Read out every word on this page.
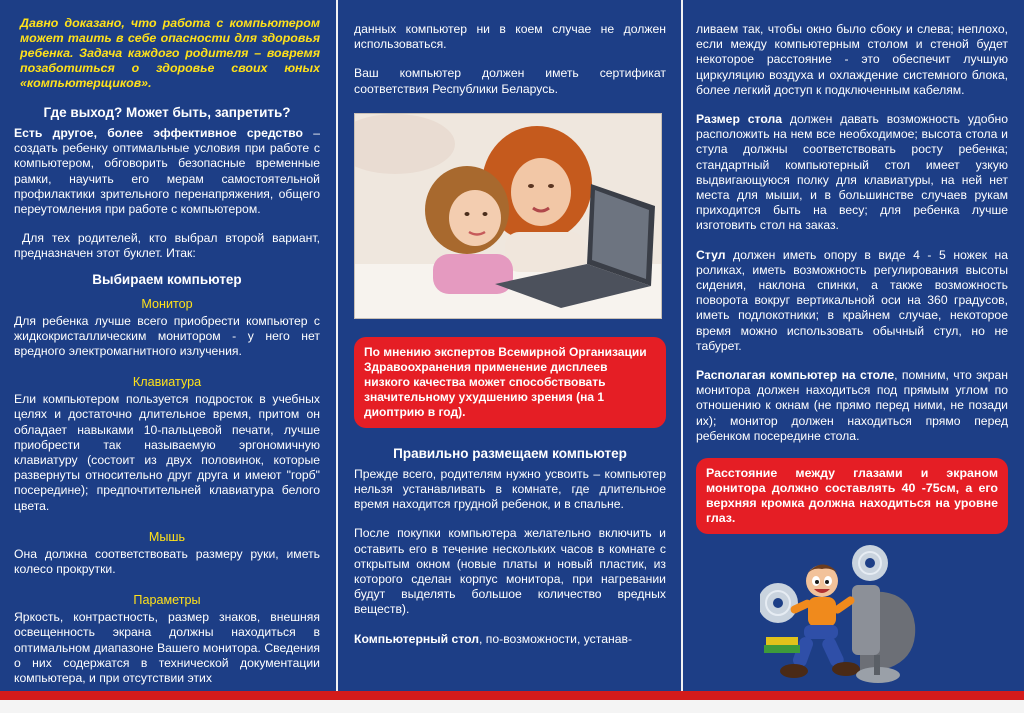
Давно доказано, что работа с компьютером может таить в себе опасности для здоровья ребенка. Задача каждого родителя – вовремя позаботиться о здоровье своих юных «компьютерщиков».

Где выход? Может быть, запретить?

Есть другое, более эффективное средство – создать ребенку оптимальные условия при работе с компьютером, обговорить безопасные временные рамки, научить его мерам самостоятельной профилактики зрительного перенапряжения, общего переутомления при работе с компьютером.

Для тех родителей, кто выбрал второй вариант, предназначен этот буклет. Итак:

Выбираем компьютер
Монитор

Для ребенка лучше всего приобрести компьютер с жидкокристаллическим монитором - у него нет вредного электромагнитного излучения.

Клавиатура

Ели компьютером пользуется подросток в учебных целях и достаточно длительное время, притом он обладает навыками 10-пальцевой печати, лучше приобрести так называемую эргономичную клавиатуру (состоит из двух половинок, которые развернуты относительно друг друга и имеют "горб" посередине); предпочтительней клавиатура белого цвета.

Мышь

Она должна соответствовать размеру руки, иметь колесо прокрутки.

Параметры

Яркость, контрастность, размер знаков, внешняя освещенность экрана должны находиться в оптимальном диапазоне Вашего монитора. Сведения о них содержатся в технической документации компьютера, и при отсутствии этих

данных компьютер ни в коем случае не должен использоваться.

Ваш компьютер должен иметь сертификат соответствия Республики Беларусь.

По мнению экспертов Всемирной Организации Здравоохранения применение дисплеев низкого качества может способствовать значительному ухудшению зрения (на 1 диоптрию в год).

Правильно размещаем компьютер

Прежде всего, родителям нужно усвоить – компьютер нельзя устанавливать в комнате, где длительное время находится грудной ребенок, и в спальне.

После покупки компьютера желательно включить и оставить его в течение нескольких часов в комнате с открытым окном (новые платы и новый пластик, из которого сделан корпус монитора, при нагревании будут выделять большое количество вредных веществ).

Компьютерный стол, по-возможности, устанав-

ливаем так, чтобы окно было сбоку и слева; неплохо, если между компьютерным столом и стеной будет некоторое расстояние - это обеспечит лучшую циркуляцию воздуха и охлаждение системного блока, более легкий доступ к подключенным кабелям.

Размер стола должен давать возможность удобно расположить на нем все необходимое; высота стола и стула должны соответствовать росту ребенка; стандартный компьютерный стол имеет узкую выдвигающуюся полку для клавиатуры, на ней нет места для мыши, и в большинстве случаев рукам приходится быть на весу; для ребенка лучше изготовить стол на заказ.

Стул должен иметь опору в виде 4 - 5 ножек на роликах, иметь возможность регулирования высоты сидения, наклона спинки, а также возможность поворота вокруг вертикальной оси на 360 градусов, иметь подлокотники; в крайнем случае, некоторое время можно использовать обычный стул, но не табурет.

Располагая компьютер на столе, помним, что экран монитора должен находиться под прямым углом по отношению к окнам (не прямо перед ними, не позади их); монитор должен находиться прямо перед ребенком посередине стола.

Расстояние между глазами и экраном монитора должно составлять 40 -75см, а его верхняя кромка должна находиться на уровне глаз.
